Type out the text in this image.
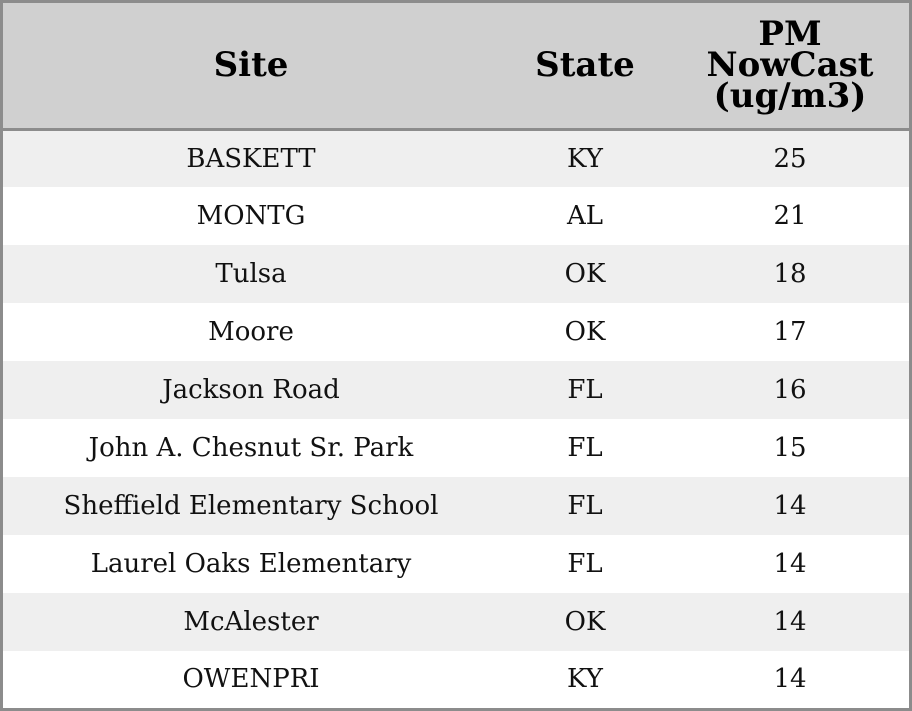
Site	State	PM
NowCast
(ug/m3)

BASKETT	KY	25
MONTG	AL	21
Tulsa	OK	18
Moore	OK	17
Jackson Road	FL	16
John A. Chesnut Sr. Park	FL	15
Sheffield Elementary School	FL	14
Laurel Oaks Elementary	FL	14
McAlester	OK	14
OWENPRI	KY	14
